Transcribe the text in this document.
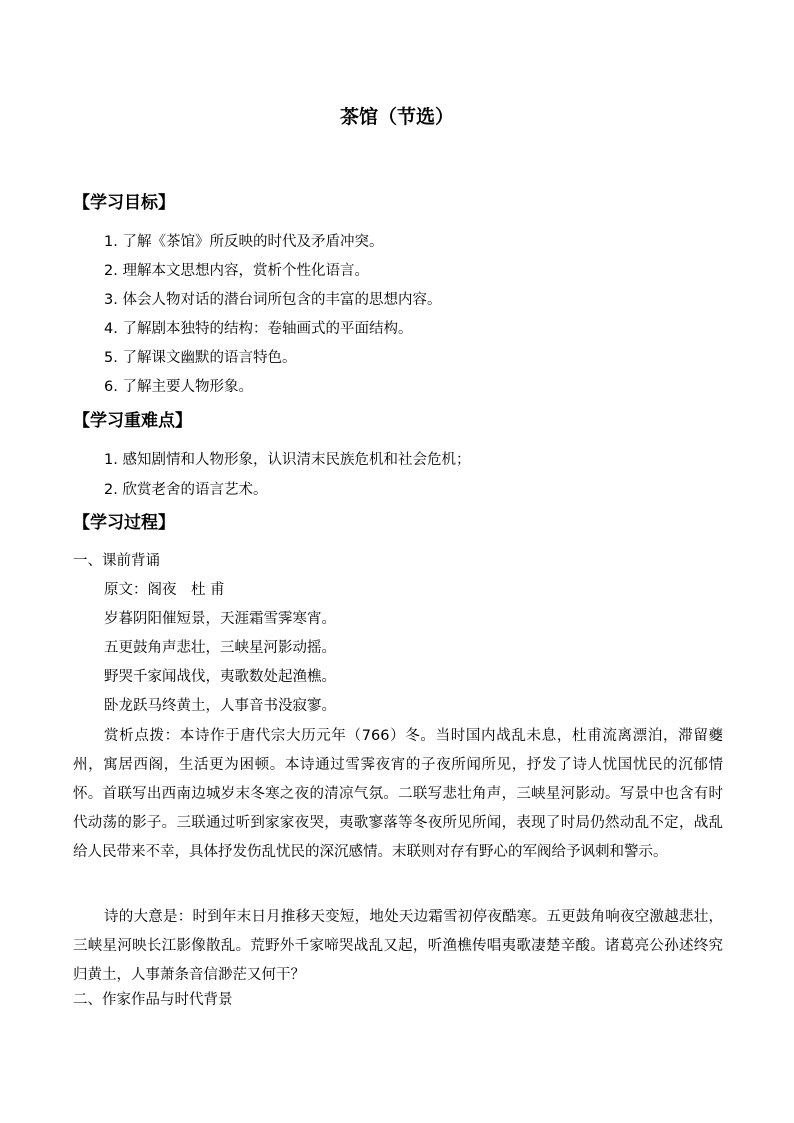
茶馆（节选）
【学习目标】
1. 了解《茶馆》所反映的时代及矛盾冲突。
2. 理解本文思想内容，赏析个性化语言。
3. 体会人物对话的潜台词所包含的丰富的思想内容。
4. 了解剧本独特的结构：卷轴画式的平面结构。
5. 了解课文幽默的语言特色。
6. 了解主要人物形象。
【学习重难点】
1. 感知剧情和人物形象，认识清末民族危机和社会危机；
2. 欣赏老舍的语言艺术。
【学习过程】
一、课前背诵
原文：阁夜　杜 甫
岁暮阴阳催短景，天涯霜雪霁寒宵。
五更鼓角声悲壮，三峡星河影动摇。
野哭千家闻战伐，夷歌数处起渔樵。
卧龙跃马终黄土，人事音书没寂寥。
赏析点拨：本诗作于唐代宗大历元年（766）冬。当时国内战乱未息，杜甫流离漂泊，滞留夔州，寓居西阁，生活更为困顿。本诗通过雪霁夜宵的子夜所闻所见，抒发了诗人忧国忧民的沉郁情怀。首联写出西南边城岁末冬寒之夜的清凉气氛。二联写悲壮角声，三峡星河影动。写景中也含有时代动荡的影子。三联通过听到家家夜哭，夷歌寥落等冬夜所见所闻，表现了时局仍然动乱不定，战乱给人民带来不幸，具体抒发伤乱忧民的深沉感情。末联则对存有野心的军阀给予讽刺和警示。
诗的大意是：时到年末日月推移天变短，地处天边霜雪初停夜酷寒。五更鼓角响夜空激越悲壮，三峡星河映长江影像散乱。荒野外千家啼哭战乱又起，听渔樵传唱夷歌凄楚辛酸。诸葛亮公孙述终究归黄土，人事萧条音信渺茫又何干？
二、作家作品与时代背景
